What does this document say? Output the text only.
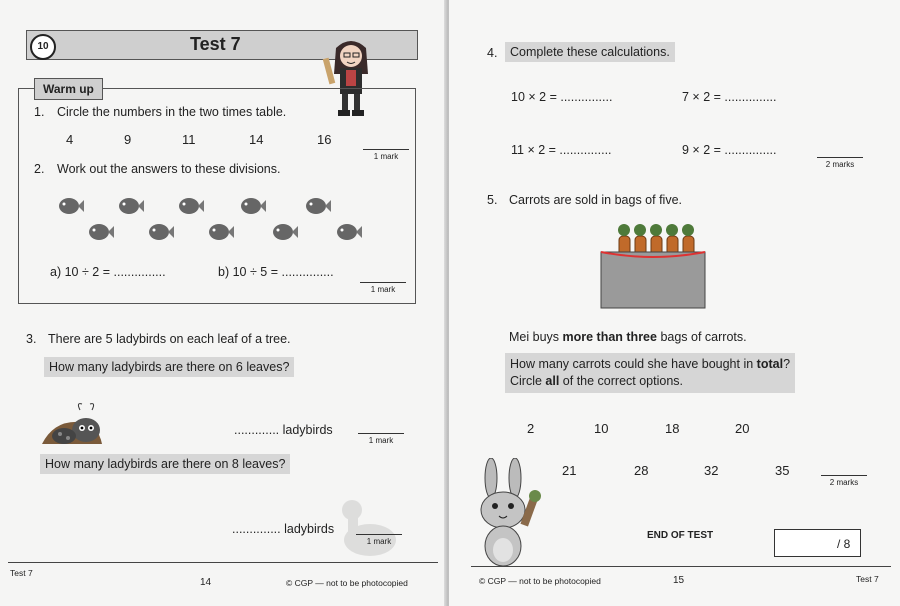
10	Test 7
Warm up
1. Circle the numbers in the two times table.
4	9	11	14	16
1 mark
2. Work out the answers to these divisions.
a) 10 ÷ 2 = ...............	b) 10 ÷ 5 = ...............
1 mark
3. There are 5 ladybirds on each leaf of a tree.
How many ladybirds are there on 6 leaves?
............. ladybirds
1 mark
How many ladybirds are there on 8 leaves?
.............. ladybirds
1 mark
Test 7
14	© CGP — not to be photocopied
4.	Complete these calculations.
10 × 2 = ...............	7 × 2 = ...............
11 × 2 = ...............	9 × 2 = ...............
2 marks
5. Carrots are sold in bags of five.
Mei buys more than three bags of carrots.
How many carrots could she have bought in total?
Circle all of the correct options.
2	10	18	20
21	28	32	35
2 marks
END OF TEST
/ 8
© CGP — not to be photocopied	15	Test 7
